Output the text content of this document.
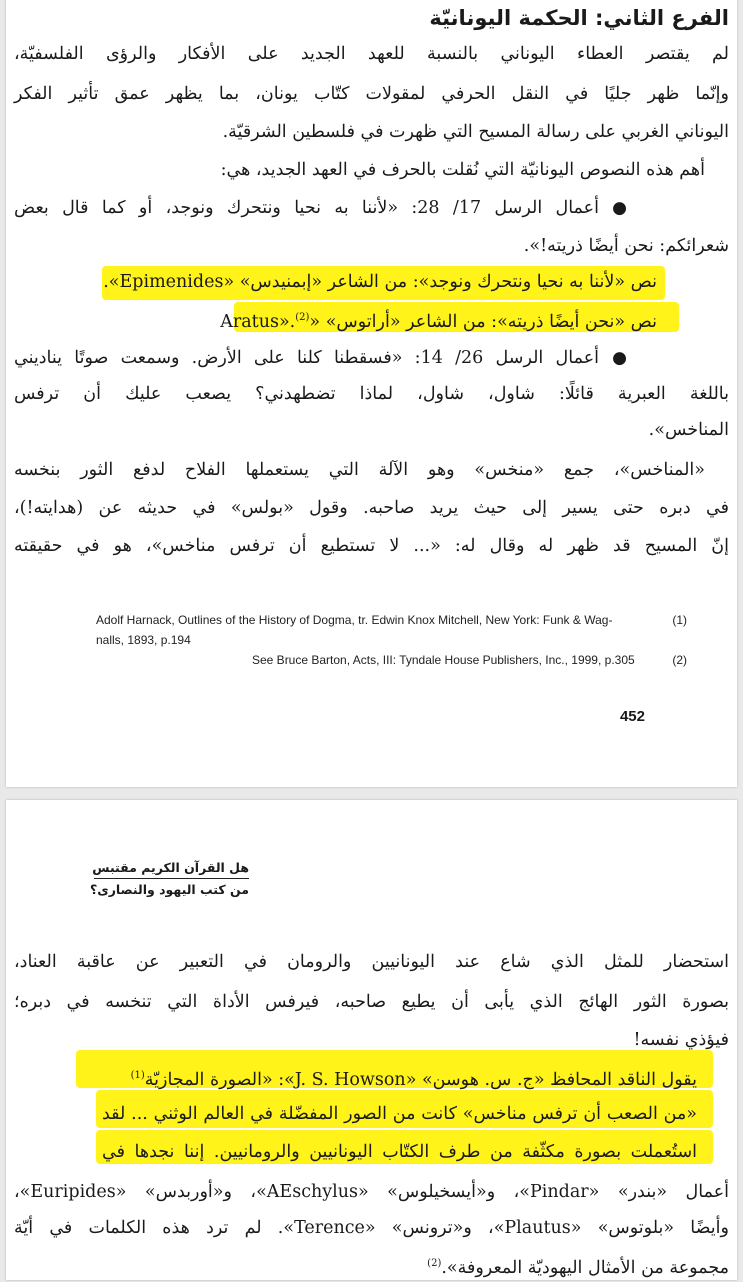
الفرع الثاني: الحكمة اليونانيّة
لم يقتصر العطاء اليوناني بالنسبة للعهد الجديد على الأفكار والرؤى الفلسفيّة،
وإنّما ظهر جليًا في النقل الحرفي لمقولات كتّاب يونان، بما يظهر عمق تأثير الفكر
اليوناني الغربي على رسالة المسيح التي ظهرت في فلسطين الشرقيّة.
أهم هذه النصوص اليونانيّة التي نُقلت بالحرف في العهد الجديد، هي:
●
أعمال الرسل 17/ 28: «لأننا به نحيا ونتحرك ونوجد، أو كما قال بعض
شعرائكم: نحن أيضًا ذريته!».
نص «لأننا به نحيا ونتحرك ونوجد»: من الشاعر «إبمنيدس» «Epimenides».
نص «نحن أيضًا ذريته»: من الشاعر «أراتوس» «Aratus».$^{(2)}$
●
أعمال الرسل 26/ 14: «فسقطنا كلنا على الأرض. وسمعت صوتًا يناديني
باللغة العبرية قائلًا: شاول، شاول، لماذا تضطهدني؟ يصعب عليك أن ترفس
المناخس».
«المناخس»، جمع «منخس» وهو الآلة التي يستعملها الفلاح لدفع الثور بنخسه
في دبره حتى يسير إلى حيث يريد صاحبه. وقول «بولس» في حديثه عن (هدايته!)،
إنّ المسيح قد ظهر له وقال له: «... لا تستطيع أن ترفس مناخس»، هو في حقيقته
Adolf Harnack, Outlines of the History of Dogma, tr. Edwin Knox Mitchell, New York: Funk & Wag-	(1)
nalls, 1893, p.194
See Bruce Barton, Acts, III: Tyndale House Publishers, Inc., 1999, p.305	(2)
452
هل القرآن الكريم مقتبس
من كتب اليهود والنصارى؟
استحضار للمثل الذي شاع عند اليونانيين والرومان في التعبير عن عاقبة العناد،
بصورة الثور الهائج الذي يأبى أن يطيع صاحبه، فيرفس الأداة التي تنخسه في دبره؛
فيؤذي نفسه!
يقول الناقد المحافظ «ج. س. هوسن» «J. S. Howson»: «الصورة المجازيّة$^{(1)}$
«من الصعب أن ترفس مناخس» كانت من الصور المفضّلة في العالم الوثني ... لقد
استُعملت بصورة مكثّفة من طرف الكتّاب اليونانيين والرومانيين. إننا نجدها في
أعمال «بندر» «Pindar»، و«أيسخيلوس» «AEschylus»، و«أوربدس» «Euripides»،
وأيضًا «بلوتوس» «Plautus»، و«ترونس» «Terence». لم ترد هذه الكلمات في أيّة
مجموعة من الأمثال اليهوديّة المعروفة».$^{(2)}$
